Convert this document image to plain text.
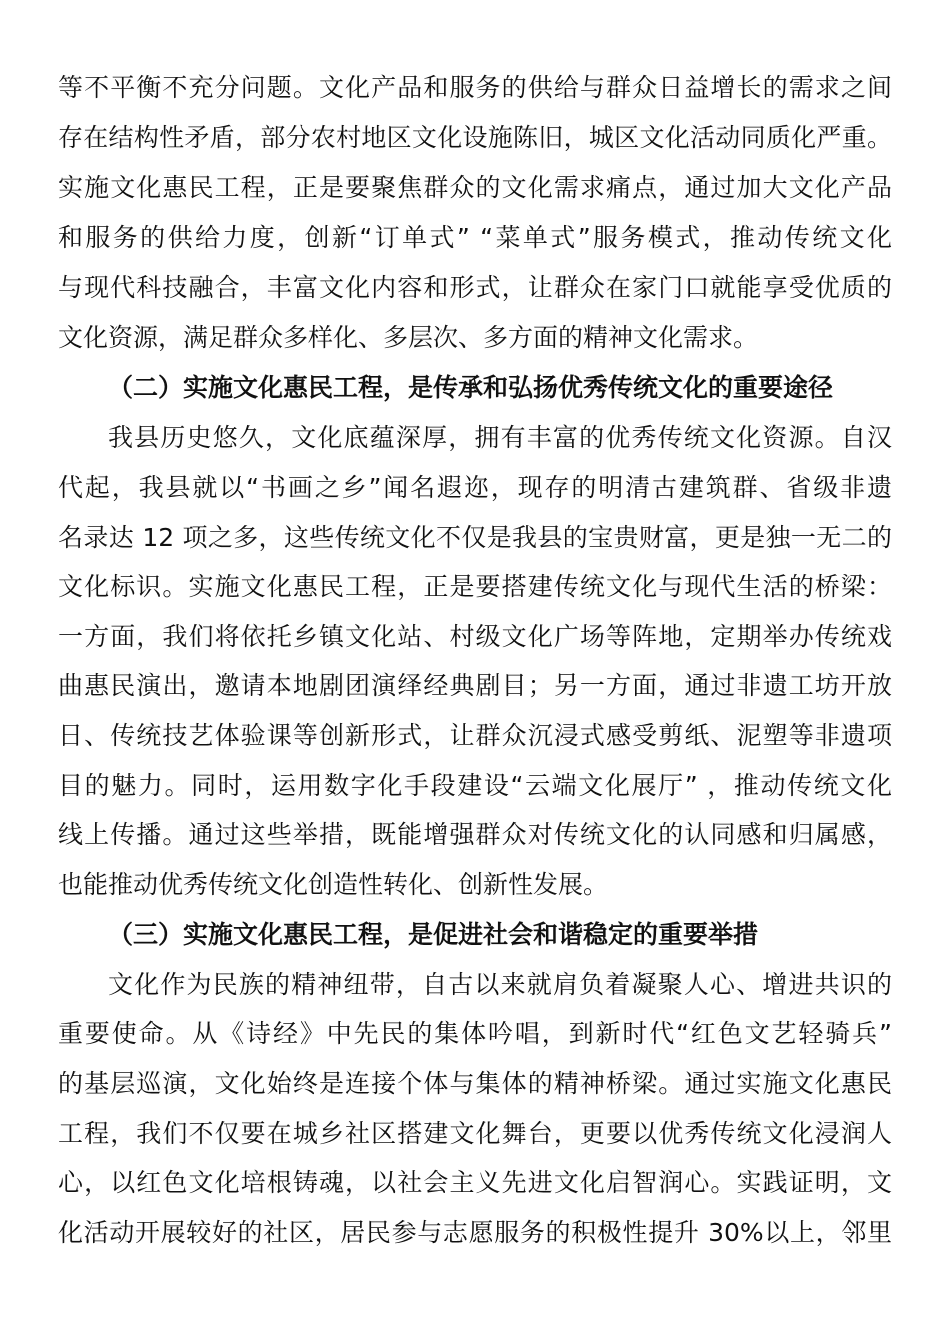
等不平衡不充分问题。文化产品和服务的供给与群众日益增长的需求之间
存在结构性矛盾，部分农村地区文化设施陈旧，城区文化活动同质化严重。
实施文化惠民工程，正是要聚焦群众的文化需求痛点，通过加大文化产品
和服务的供给力度，创新“订单式” “菜单式”服务模式，推动传统文化
与现代科技融合，丰富文化内容和形式，让群众在家门口就能享受优质的
文化资源，满足群众多样化、多层次、多方面的精神文化需求。
（二）实施文化惠民工程，是传承和弘扬优秀传统文化的重要途径
我县历史悠久，文化底蕴深厚，拥有丰富的优秀传统文化资源。自汉
代起，我县就以“书画之乡”闻名遐迩，现存的明清古建筑群、省级非遗
名录达 12 项之多，这些传统文化不仅是我县的宝贵财富，更是独一无二的
文化标识。实施文化惠民工程，正是要搭建传统文化与现代生活的桥梁：
一方面，我们将依托乡镇文化站、村级文化广场等阵地，定期举办传统戏
曲惠民演出，邀请本地剧团演绎经典剧目；另一方面，通过非遗工坊开放
日、传统技艺体验课等创新形式，让群众沉浸式感受剪纸、泥塑等非遗项
目的魅力。同时，运用数字化手段建设“云端文化展厅” ，推动传统文化
线上传播。通过这些举措，既能增强群众对传统文化的认同感和归属感，
也能推动优秀传统文化创造性转化、创新性发展。
（三）实施文化惠民工程，是促进社会和谐稳定的重要举措
文化作为民族的精神纽带，自古以来就肩负着凝聚人心、增进共识的
重要使命。从《诗经》中先民的集体吟唱，到新时代“红色文艺轻骑兵”
的基层巡演，文化始终是连接个体与集体的精神桥梁。通过实施文化惠民
工程，我们不仅要在城乡社区搭建文化舞台，更要以优秀传统文化浸润人
心，以红色文化培根铸魂，以社会主义先进文化启智润心。实践证明，文
化活动开展较好的社区，居民参与志愿服务的积极性提升 30%以上，邻里
